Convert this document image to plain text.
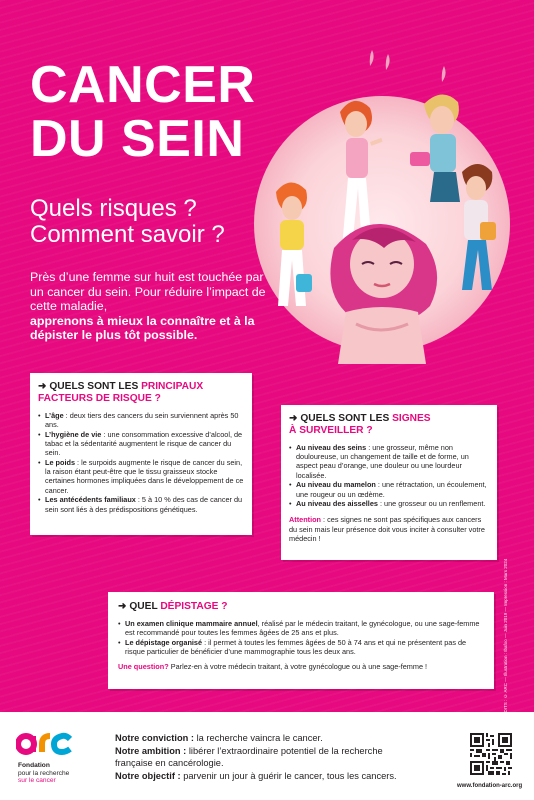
CANCER
DU SEIN
Quels risques ?
Comment savoir ?
Près d’une femme sur huit est touchée par un cancer du sein. Pour réduire l’impact de cette maladie,
apprenons à mieux la connaître et à la dépister le plus tôt possible.
➜ QUELS SONT LES PRINCIPAUX FACTEURS DE RISQUE ?
• L’âge : deux tiers des cancers du sein surviennent après 50 ans.
• L’hygiène de vie : une consommation excessive d’alcool, de tabac et la sédentarité augmentent le risque de cancer du sein.
• Le poids : le surpoids augmente le risque de cancer du sein, la raison étant peut-être que le tissu graisseux stocke certaines hormones impliquées dans le développement de ce cancer.
• Les antécédents familiaux : 5 à 10 % des cas de cancer du sein sont liés à des prédispositions génétiques.
➜ QUELS SONT LES SIGNES
À SURVEILLER ?
• Au niveau des seins : une grosseur, même non douloureuse, un changement de taille et de forme, un aspect peau d’orange, une douleur ou une lourdeur localisée.
• Au niveau du mamelon : une rétractation, un écoulement, une rougeur ou un œdème.
• Au niveau des aisselles : une grosseur ou un renflement.

Attention : ces signes ne sont pas spécifiques aux cancers du sein mais leur présence doit vous inciter à consulter votre médecin !

CREDITS : © ARC — Illustration : Ibafoo — Juin 2019 — Impression : Mars 2024
➜ QUEL DÉPISTAGE ?
• Un examen clinique mammaire annuel, réalisé par le médecin traitant, le gynécologue, ou une sage-femme est recommandé pour toutes les femmes âgées de 25 ans et plus.
• Le dépistage organisé : il permet à toutes les femmes âgées de 50 à 74 ans et qui ne présentent pas de risque particulier de bénéficier d’une mammographie tous les deux ans.

Une question? Parlez-en à votre médecin traitant, à votre gynécologue ou à une sage-femme !

Fondation
pour la recherche
sur le cancer
Notre conviction : la recherche vaincra le cancer.
Notre ambition : libérer l’extraordinaire potentiel de la recherche
française en cancérologie.
Notre objectif : parvenir un jour à guérir le cancer, tous les cancers.
www.fondation-arc.org
